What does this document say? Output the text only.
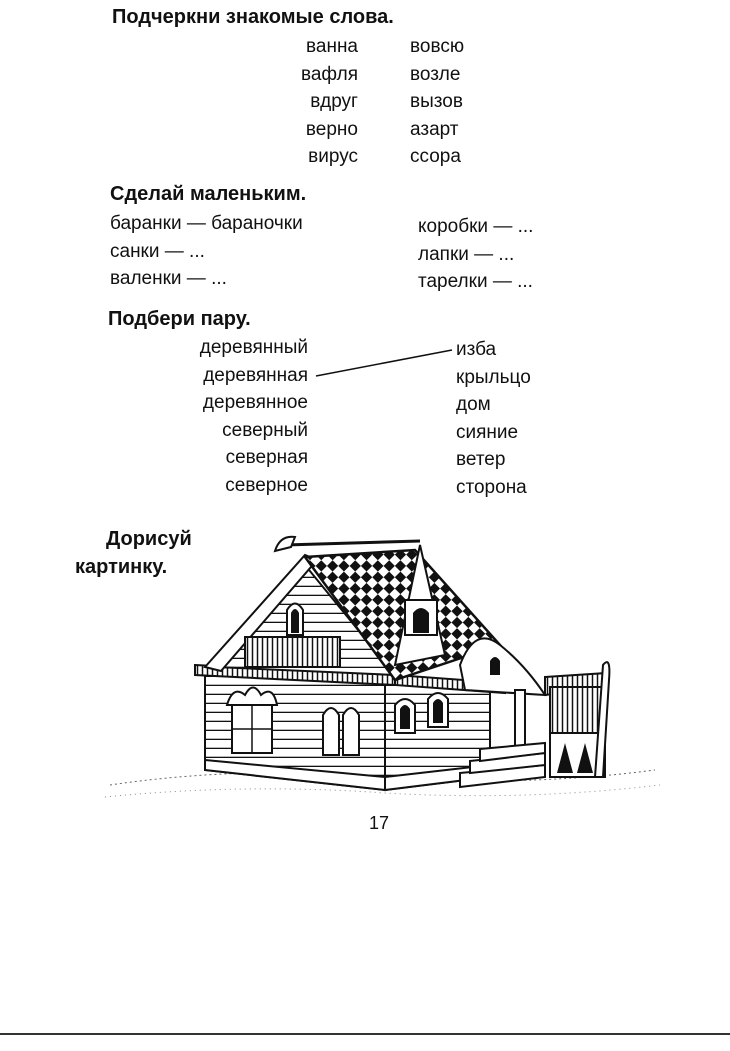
Подчеркни знакомые слова.
ванна
вафля
вдруг
верно
вирус
вовсю
возле
вызов
азарт
ссора
Сделай маленьким.
баранки — бараночки
санки — ...
валенки — ...
коробки — ...
лапки — ...
тарелки — ...
Подбери пару.
деревянный
деревянная
деревянное
северный
северная
северное
изба
крыльцо
дом
сияние
ветер
сторона
Дорисуй
картинку.
17
